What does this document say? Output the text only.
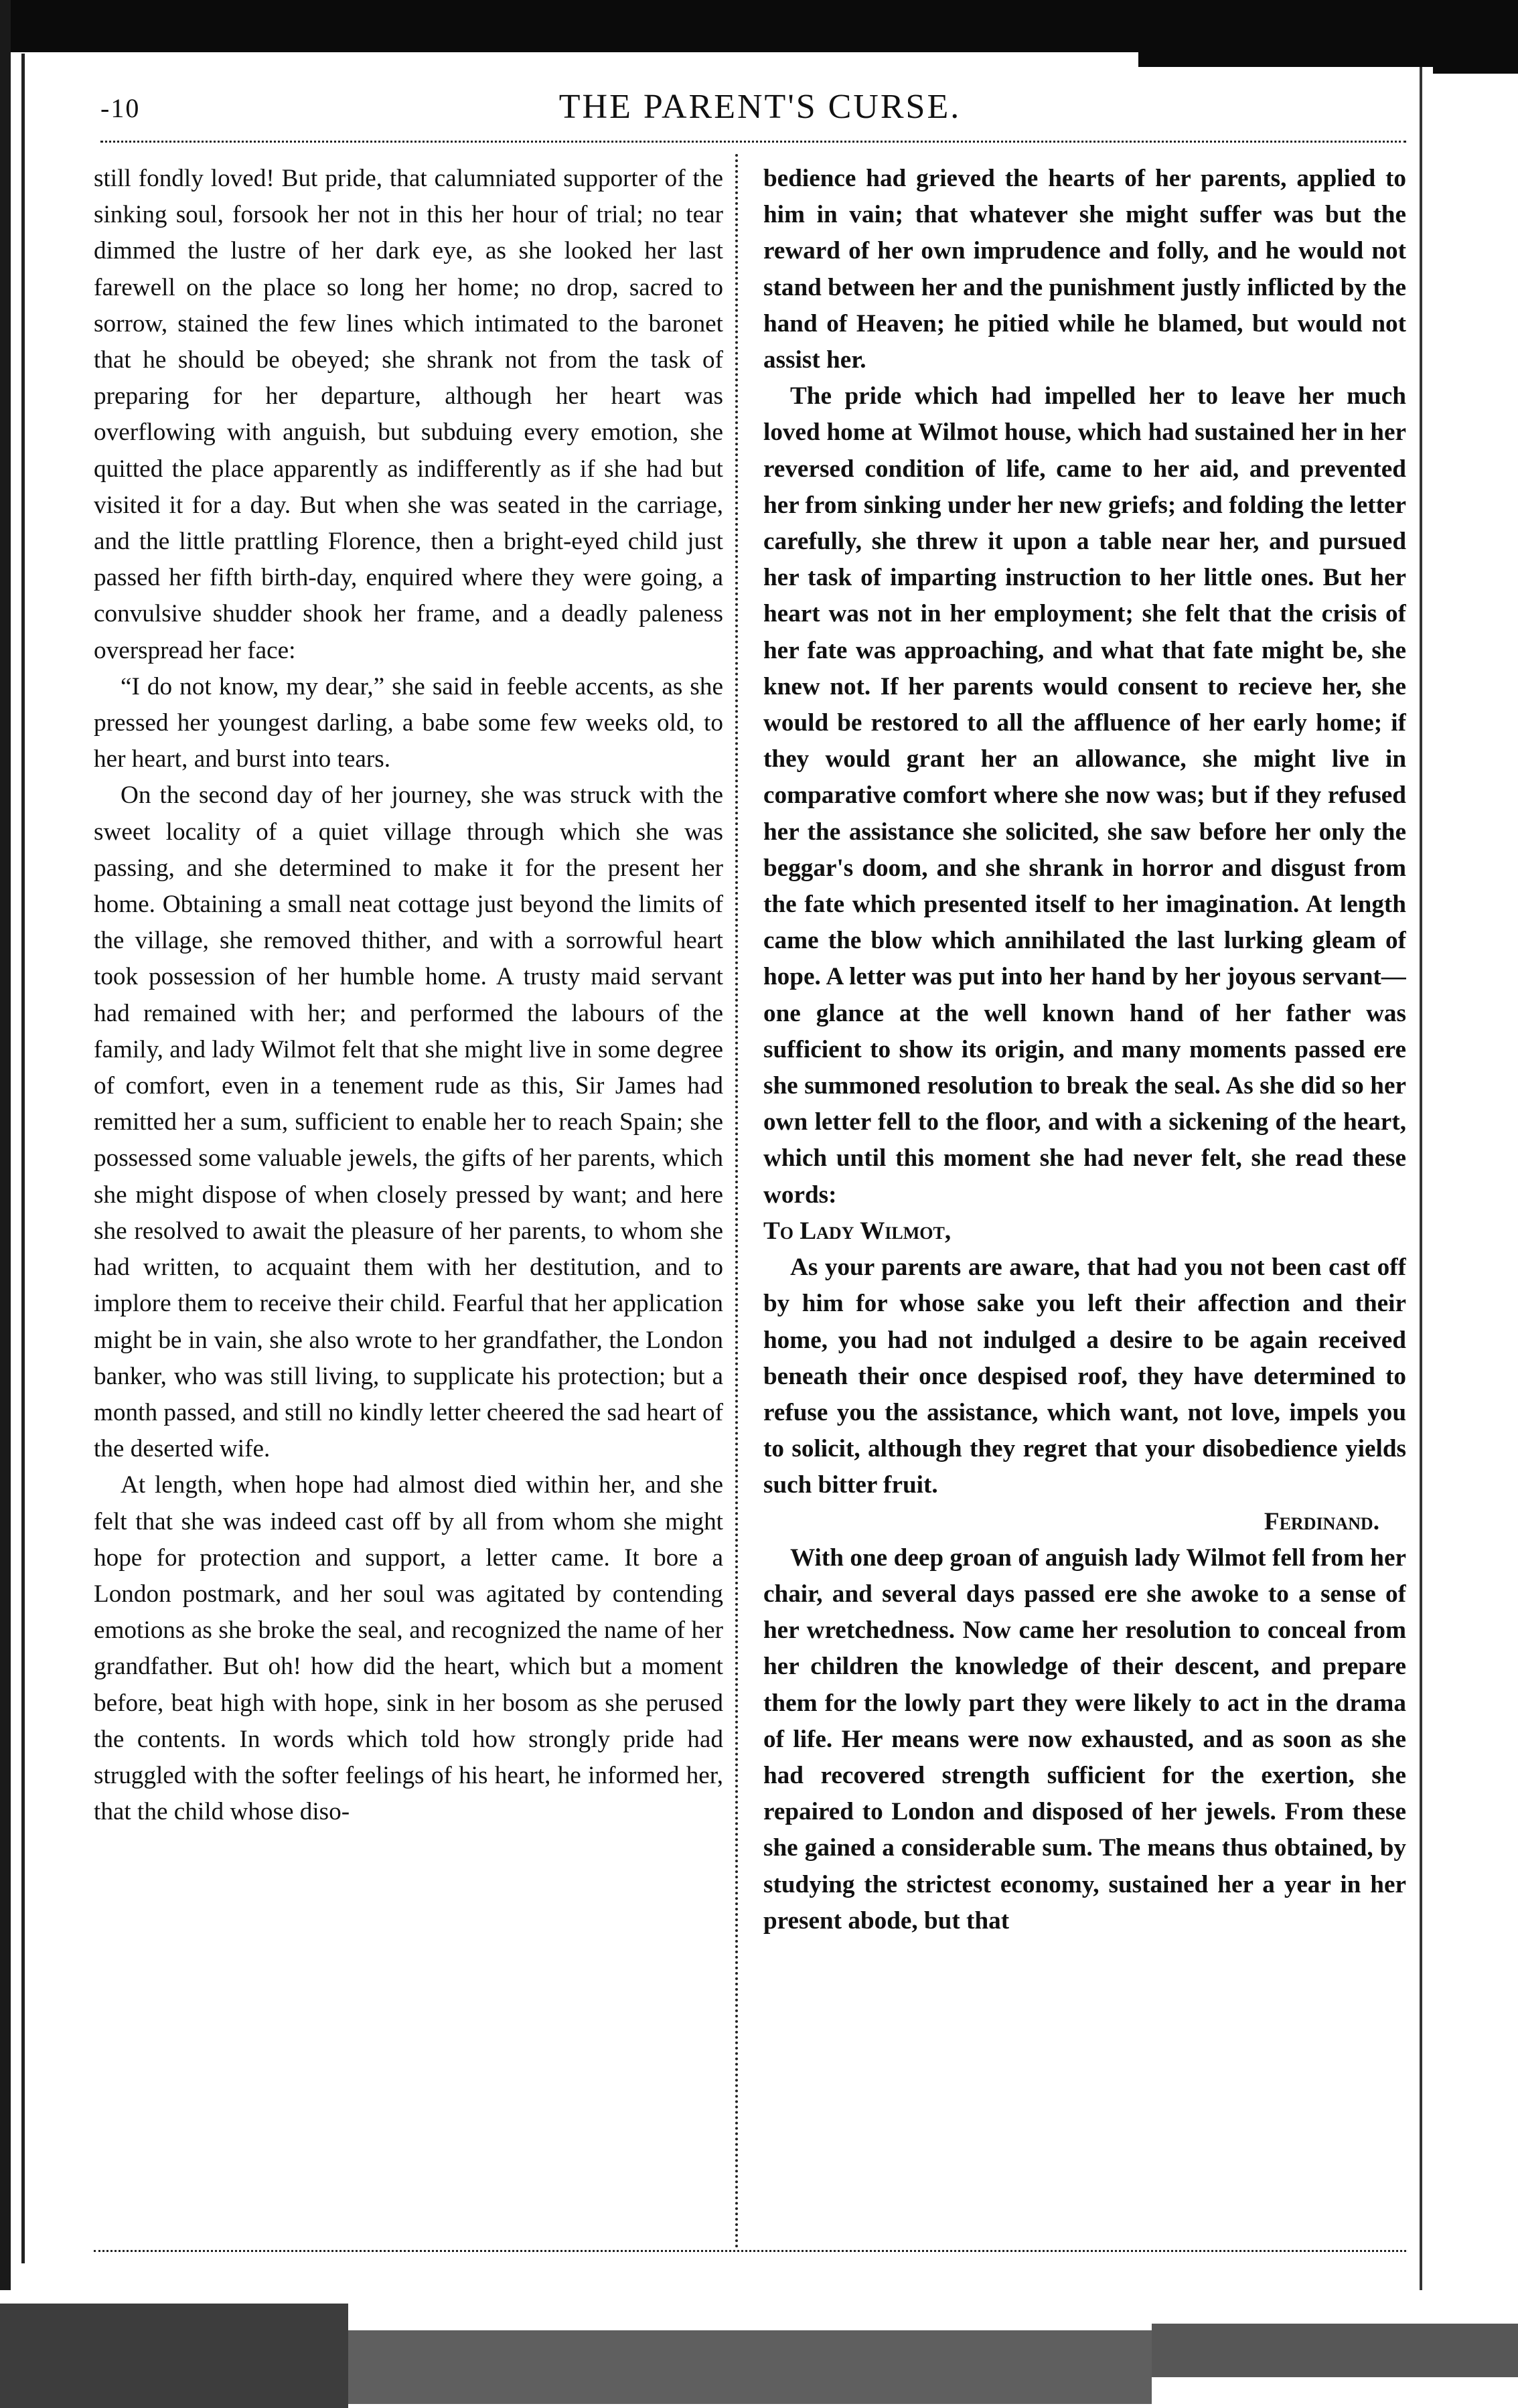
-10	THE PARENT'S CURSE.

still fondly loved! But pride, that calumniated supporter of the sinking soul, forsook her not in this her hour of trial; no tear dimmed the lustre of her dark eye, as she looked her last farewell on the place so long her home; no drop, sacred to sorrow, stained the few lines which intimated to the baronet that he should be obeyed; she shrank not from the task of preparing for her departure, although her heart was overflowing with anguish, but subduing every emotion, she quitted the place apparently as indifferently as if she had but visited it for a day. But when she was seated in the carriage, and the little prattling Florence, then a bright-eyed child just passed her fifth birth-day, enquired where they were going, a convulsive shudder shook her frame, and a deadly paleness overspread her face:

“I do not know, my dear,” she said in feeble accents, as she pressed her youngest darling, a babe some few weeks old, to her heart, and burst into tears.

On the second day of her journey, she was struck with the sweet locality of a quiet village through which she was passing, and she determined to make it for the present her home. Obtaining a small neat cottage just beyond the limits of the village, she removed thither, and with a sorrowful heart took possession of her humble home. A trusty maid servant had remained with her; and performed the labours of the family, and lady Wilmot felt that she might live in some degree of comfort, even in a tenement rude as this, Sir James had remitted her a sum, sufficient to enable her to reach Spain; she possessed some valuable jewels, the gifts of her parents, which she might dispose of when closely pressed by want; and here she resolved to await the pleasure of her parents, to whom she had written, to acquaint them with her destitution, and to implore them to receive their child. Fearful that her application might be in vain, she also wrote to her grandfather, the London banker, who was still living, to supplicate his protection; but a month passed, and still no kindly letter cheered the sad heart of the deserted wife.

At length, when hope had almost died within her, and she felt that she was indeed cast off by all from whom she might hope for protection and support, a letter came. It bore a London postmark, and her soul was agitated by contending emotions as she broke the seal, and recognized the name of her grandfather. But oh! how did the heart, which but a moment before, beat high with hope, sink in her bosom as she perused the contents. In words which told how strongly pride had struggled with the softer feelings of his heart, he informed her, that the child whose diso-

bedience had grieved the hearts of her parents, applied to him in vain; that whatever she might suffer was but the reward of her own imprudence and folly, and he would not stand between her and the punishment justly inflicted by the hand of Heaven; he pitied while he blamed, but would not assist her.

The pride which had impelled her to leave her much loved home at Wilmot house, which had sustained her in her reversed condition of life, came to her aid, and prevented her from sinking under her new griefs; and folding the letter carefully, she threw it upon a table near her, and pursued her task of imparting instruction to her little ones. But her heart was not in her employment; she felt that the crisis of her fate was approaching, and what that fate might be, she knew not. If her parents would consent to recieve her, she would be restored to all the affluence of her early home; if they would grant her an allowance, she might live in comparative comfort where she now was; but if they refused her the assistance she solicited, she saw before her only the beggar's doom, and she shrank in horror and disgust from the fate which presented itself to her imagination. At length came the blow which annihilated the last lurking gleam of hope. A letter was put into her hand by her joyous servant—one glance at the well known hand of her father was sufficient to show its origin, and many moments passed ere she summoned resolution to break the seal. As she did so her own letter fell to the floor, and with a sickening of the heart, which until this moment she had never felt, she read these words:

To Lady Wilmot,

As your parents are aware, that had you not been cast off by him for whose sake you left their affection and their home, you had not indulged a desire to be again received beneath their once despised roof, they have determined to refuse you the assistance, which want, not love, impels you to solicit, although they regret that your disobedience yields such bitter fruit.

Ferdinand.

With one deep groan of anguish lady Wilmot fell from her chair, and several days passed ere she awoke to a sense of her wretchedness. Now came her resolution to conceal from her children the knowledge of their descent, and prepare them for the lowly part they were likely to act in the drama of life. Her means were now exhausted, and as soon as she had recovered strength sufficient for the exertion, she repaired to London and disposed of her jewels. From these she gained a considerable sum. The means thus obtained, by studying the strictest economy, sustained her a year in her present abode, but that
